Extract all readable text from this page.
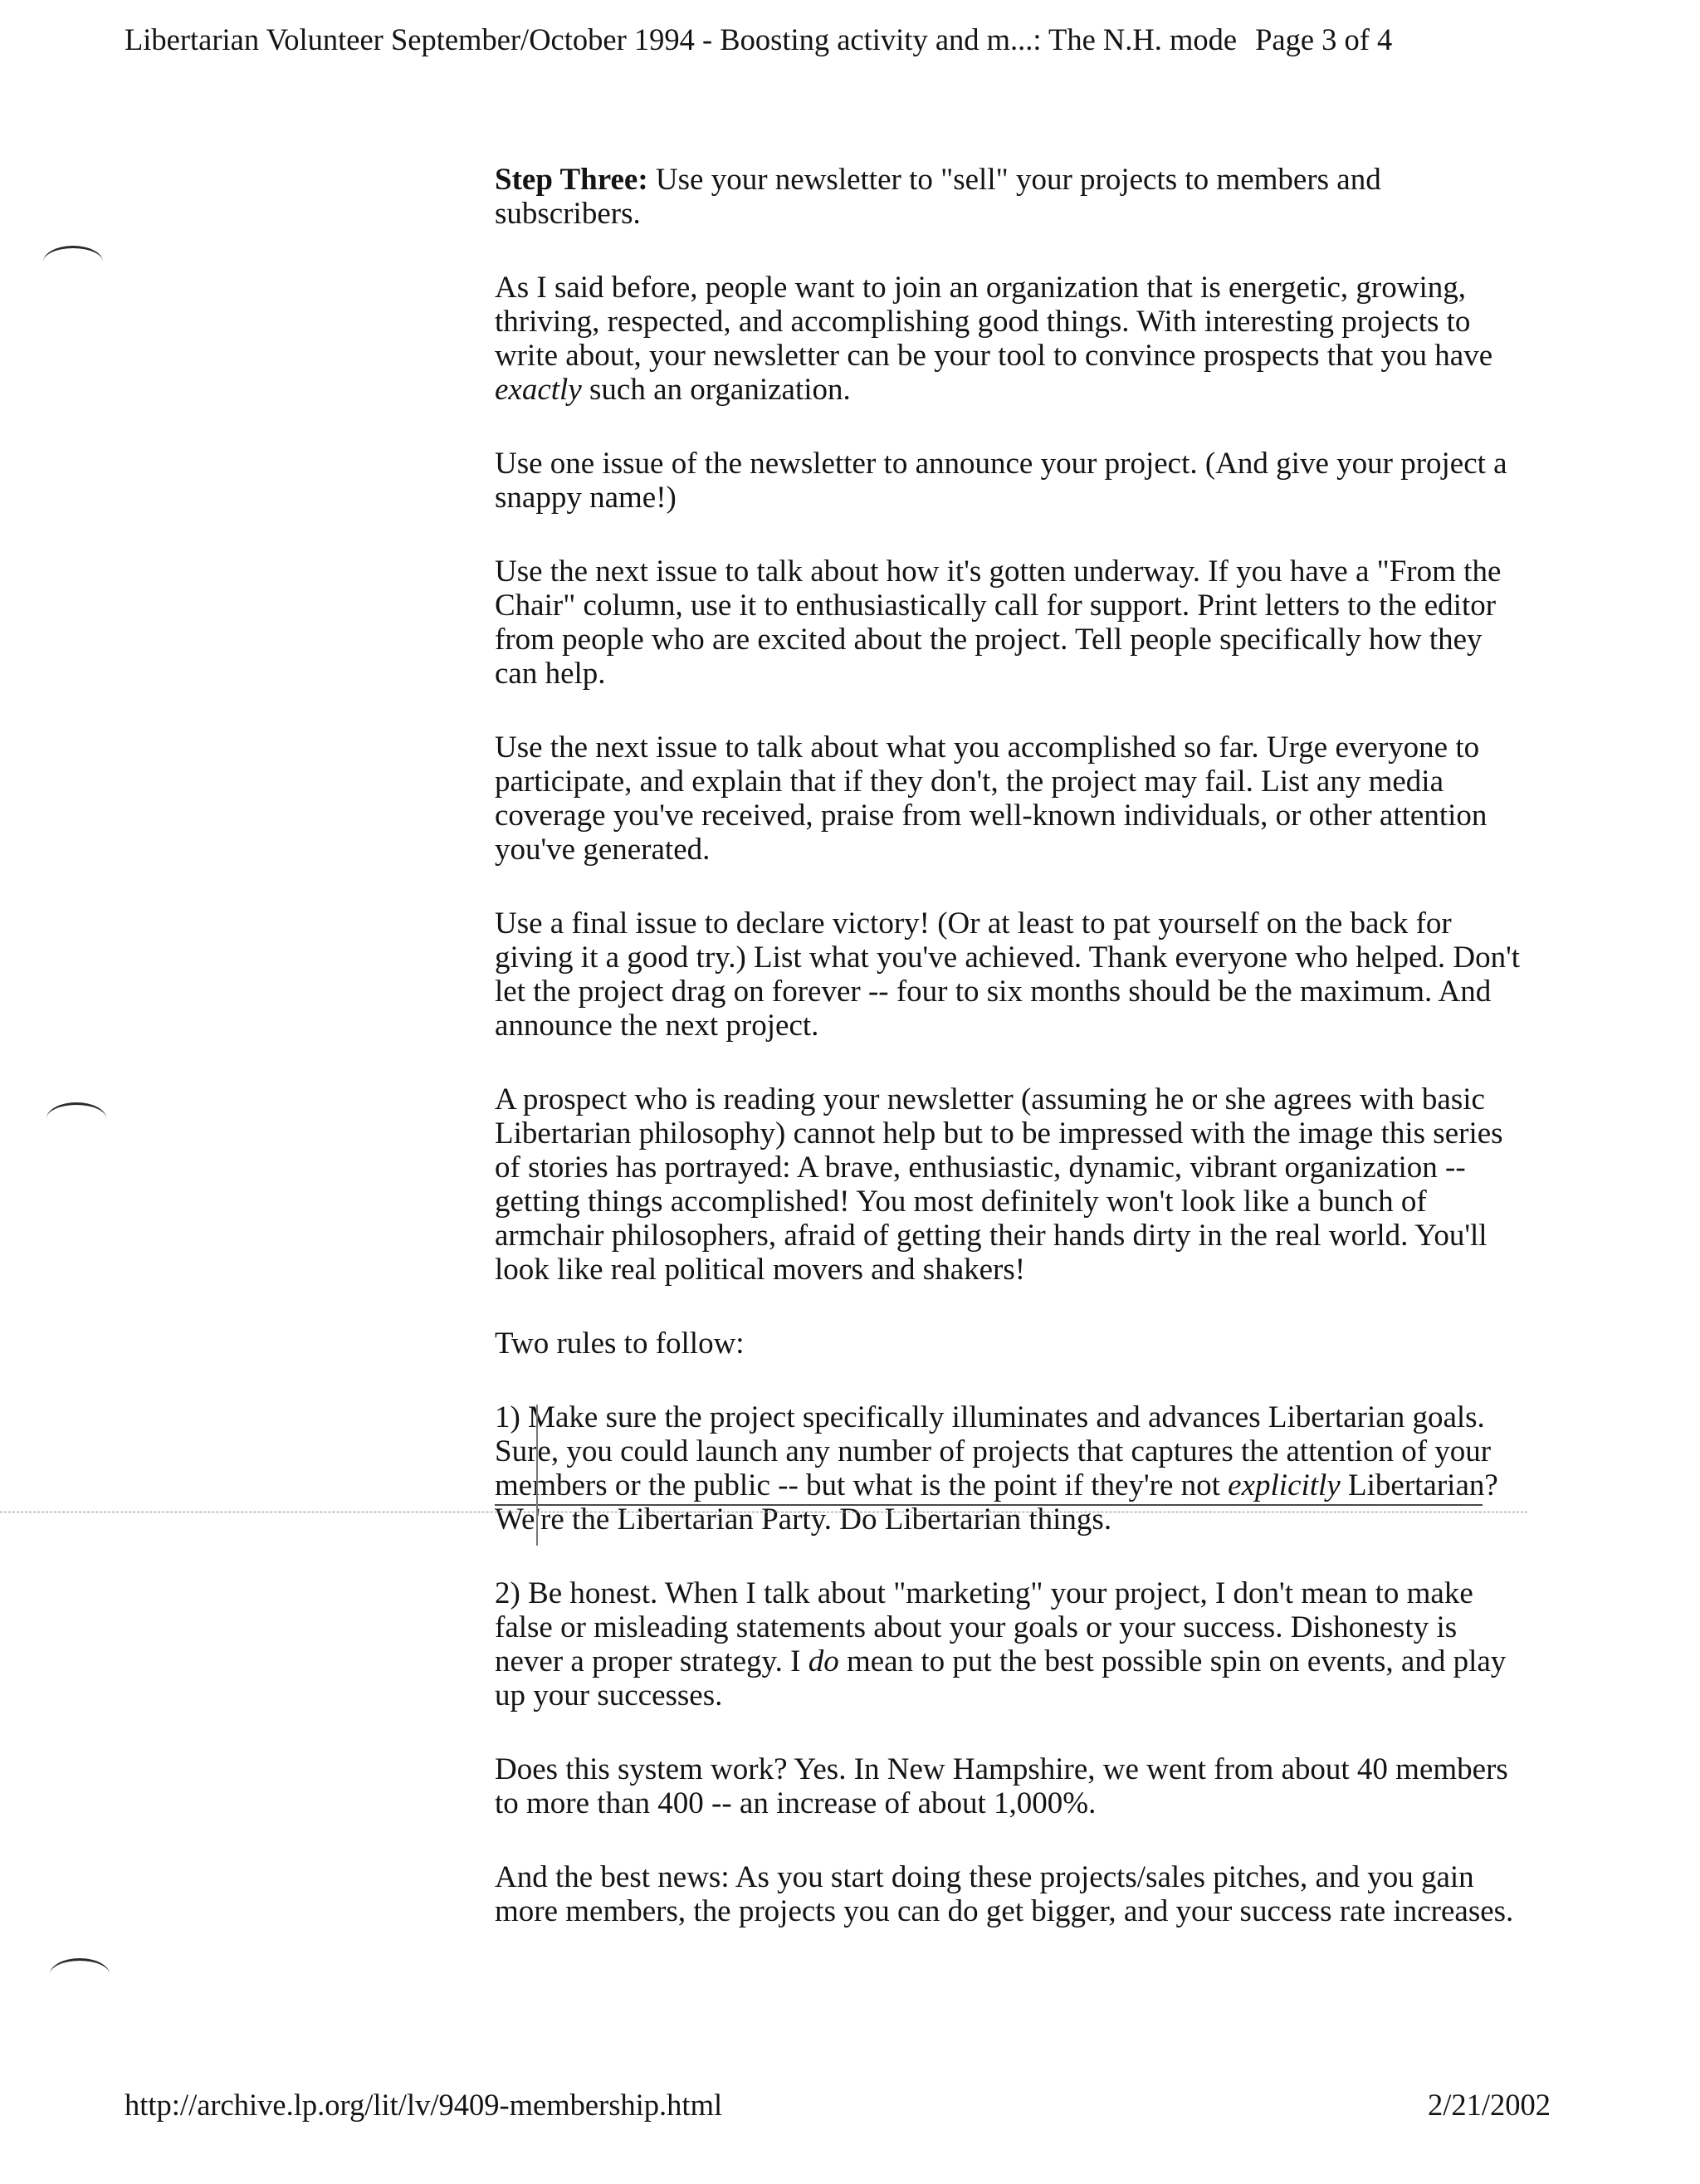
Libertarian Volunteer September/October 1994 - Boosting activity and m...: The N.H. mode Page 3 of 4

Step Three: Use your newsletter to "sell" your projects to members and subscribers.

As I said before, people want to join an organization that is energetic, growing, thriving, respected, and accomplishing good things. With interesting projects to write about, your newsletter can be your tool to convince prospects that you have exactly such an organization.

Use one issue of the newsletter to announce your project. (And give your project a snappy name!)

Use the next issue to talk about how it's gotten underway. If you have a "From the Chair" column, use it to enthusiastically call for support. Print letters to the editor from people who are excited about the project. Tell people specifically how they can help.

Use the next issue to talk about what you accomplished so far. Urge everyone to participate, and explain that if they don't, the project may fail. List any media coverage you've received, praise from well-known individuals, or other attention you've generated.

Use a final issue to declare victory! (Or at least to pat yourself on the back for giving it a good try.) List what you've achieved. Thank everyone who helped. Don't let the project drag on forever -- four to six months should be the maximum. And announce the next project.

A prospect who is reading your newsletter (assuming he or she agrees with basic Libertarian philosophy) cannot help but to be impressed with the image this series of stories has portrayed: A brave, enthusiastic, dynamic, vibrant organization -- getting things accomplished! You most definitely won't look like a bunch of armchair philosophers, afraid of getting their hands dirty in the real world. You'll look like real political movers and shakers!

Two rules to follow:

1) Make sure the project specifically illuminates and advances Libertarian goals. Sure, you could launch any number of projects that captures the attention of your members or the public -- but what is the point if they're not explicitly Libertarian? We're the Libertarian Party. Do Libertarian things.

2) Be honest. When I talk about "marketing" your project, I don't mean to make false or misleading statements about your goals or your success. Dishonesty is never a proper strategy. I do mean to put the best possible spin on events, and play up your successes.

Does this system work? Yes. In New Hampshire, we went from about 40 members to more than 400 -- an increase of about 1,000%.

And the best news: As you start doing these projects/sales pitches, and you gain more members, the projects you can do get bigger, and your success rate increases.

http://archive.lp.org/lit/lv/9409-membership.html	2/21/2002
